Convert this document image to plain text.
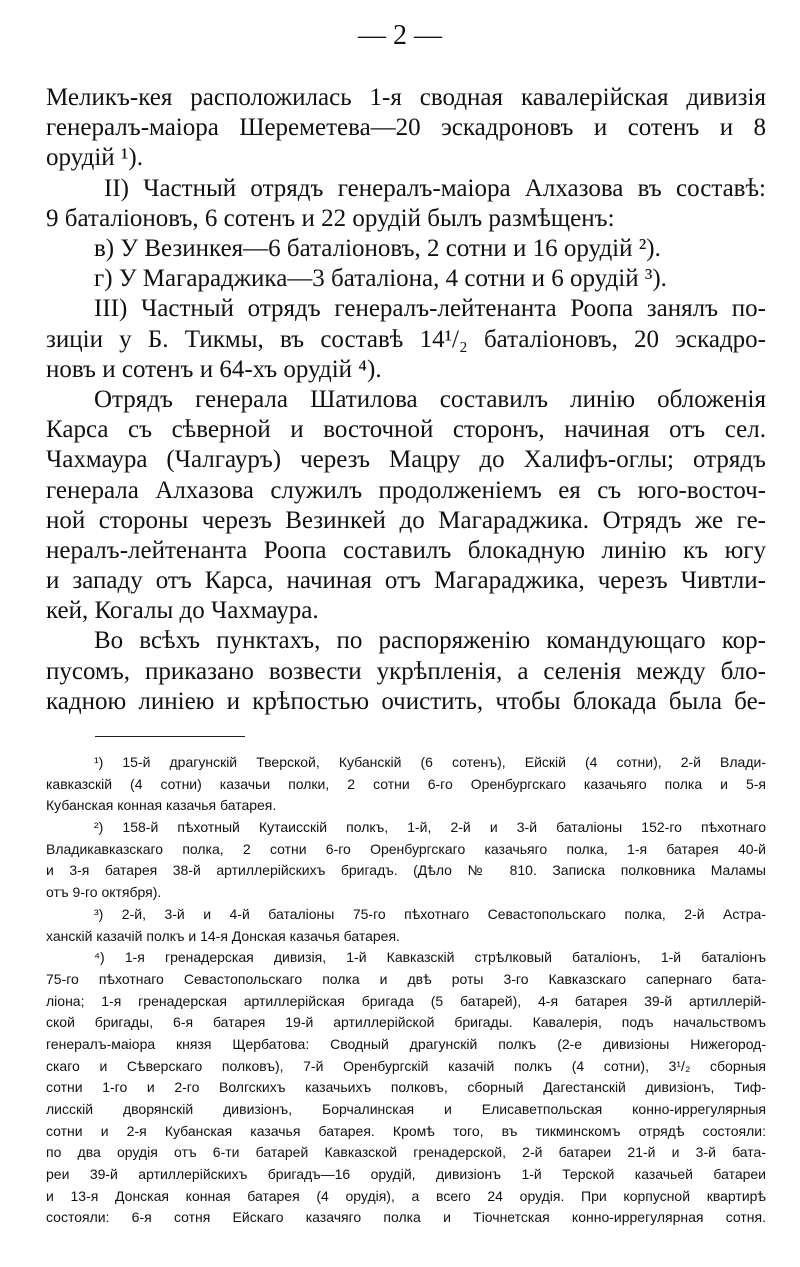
— 2 —
Меликъ-кея расположилась 1-я сводная кавалерійская дивизія
генералъ-маіора Шереметева—20 эскадроновъ и сотенъ и 8
орудій ¹).
II) Частный отрядъ генералъ-маіора Алхазова въ составѣ:
9 баталіоновъ, 6 сотенъ и 22 орудій былъ размѣщенъ:
в) У Везинкея—6 баталіоновъ, 2 сотни и 16 орудій ²).
г) У Магараджика—3 баталіона, 4 сотни и 6 орудій ³).
III) Частный отрядъ генералъ-лейтенанта Роопа занялъ по-
зиціи у Б. Тикмы, въ составѣ 14¹/₂ баталіоновъ, 20 эскадро-
новъ и сотенъ и 64-хъ орудій ⁴).
Отрядъ генерала Шатилова составилъ линію обложенія
Карса съ сѣверной и восточной сторонъ, начиная отъ сел.
Чахмаура (Чалгауръ) черезъ Мацру до Халифъ-оглы; отрядъ
генерала Алхазова служилъ продолженіемъ ея съ юго-восточ-
ной стороны черезъ Везинкей до Магараджика. Отрядъ же ге-
нералъ-лейтенанта Роопа составилъ блокадную линію къ югу
и западу отъ Карса, начиная отъ Магараджика, черезъ Чивтли-
кей, Когалы до Чахмаура.
Во всѣхъ пунктахъ, по распоряженію командующаго кор-
пусомъ, приказано возвести укрѣпленія, а селенія между бло-
кадною линіею и крѣпостью очистить, чтобы блокада была бе-
¹) 15-й драгунскій Тверской, Кубанскій (6 сотенъ), Ейскій (4 сотни), 2-й Влади-
кавказскій (4 сотни) казачьи полки, 2 сотни 6-го Оренбургскаго казачьяго полка и 5-я
Кубанская конная казачья батарея.
²) 158-й пѣхотный Кутаисскій полкъ, 1-й, 2-й и 3-й баталіоны 152-го пѣхотнаго
Владикавказскаго полка, 2 сотни 6-го Оренбургскаго казачьяго полка, 1-я батарея 40-й
и 3-я батарея 38-й артиллерійскихъ бригадъ. (Дѣло № 810. Записка полковника Маламы
отъ 9-го октября).
³) 2-й, 3-й и 4-й баталіоны 75-го пѣхотнаго Севастопольскаго полка, 2-й Астра-
ханскій казачій полкъ и 14-я Донская казачья батарея.
⁴) 1-я гренадерская дивизія, 1-й Кавказскій стрѣлковый баталіонъ, 1-й баталіонъ
75-го пѣхотнаго Севастопольскаго полка и двѣ роты 3-го Кавказскаго сапернаго бата-
ліона; 1-я гренадерская артиллерійская бригада (5 батарей), 4-я батарея 39-й артиллерій-
ской бригады, 6-я батарея 19-й артиллерійской бригады. Кавалерія, подъ начальствомъ
генералъ-маіора князя Щербатова: Сводный драгунскій полкъ (2-е дивизіоны Нижегород-
скаго и Сѣверскаго полковъ), 7-й Оренбургскій казачій полкъ (4 сотни), 3¹/₂ сборныя
сотни 1-го и 2-го Волгскихъ казачьихъ полковъ, сборный Дагестанскій дивизіонъ, Тиф-
лисскій дворянскій дивизіонъ, Борчалинская и Елисаветпольская конно-иррегулярныя
сотни и 2-я Кубанская казачья батарея. Кромѣ того, въ тикминскомъ отрядѣ состояли:
по два орудія отъ 6-ти батарей Кавказской гренадерской, 2-й батареи 21-й и 3-й бата-
реи 39-й артиллерійскихъ бригадъ—16 орудій, дивизіонъ 1-й Терской казачьей батареи
и 13-я Донская конная батарея (4 орудія), а всего 24 орудія. При корпусной квартирѣ
состояли: 6-я сотня Ейскаго казачяго полка и Тіочнетская конно-иррегулярная сотня.
